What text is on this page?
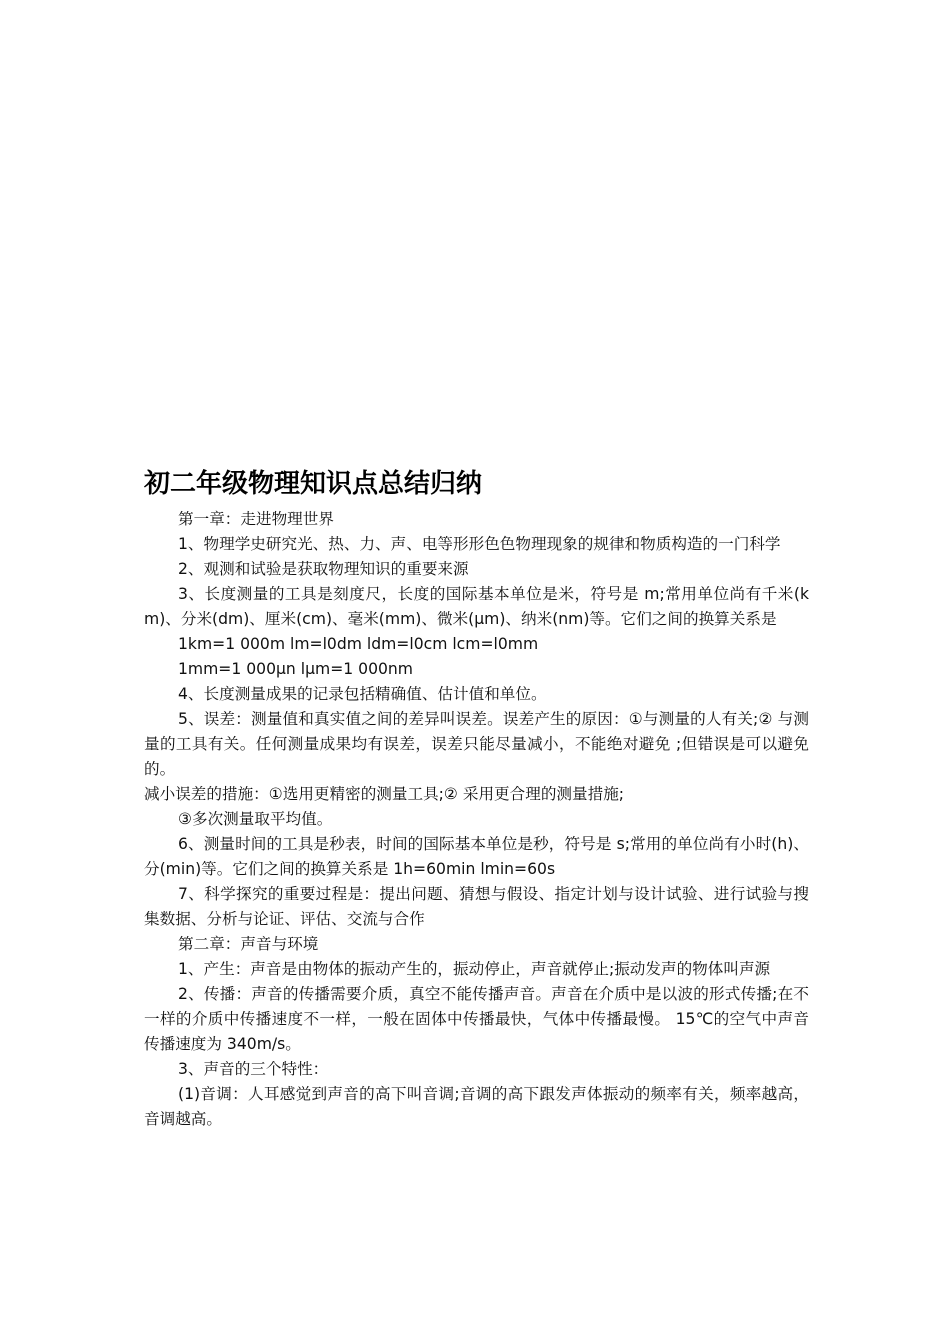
初二年级物理知识点总结归纳

第一章：走进物理世界

1、物理学史研究光、热、力、声、电等形形色色物理现象的规律和物质构造的一门科学

2、观测和试验是获取物理知识的重要来源

3、长度测量的工具是刻度尺，长度的国际基本单位是米，符号是 m;常用单位尚有千米(km)、分米(dm)、厘米(cm)、毫米(mm)、微米(μm)、纳米(nm)等。它们之间的换算关系是

1km=1 000m lm=l0dm ldm=l0cm lcm=l0mm

1mm=1 000μn lμm=1 000nm

4、长度测量成果的记录包括精确值、估计值和单位。

5、误差：测量值和真实值之间的差异叫误差。误差产生的原因：①与测量的人有关;② 与测量的工具有关。任何测量成果均有误差，误差只能尽量减小，不能绝对避免 ;但错误是可以避免的。

减小误差的措施：①选用更精密的测量工具;② 采用更合理的测量措施;

③多次测量取平均值。

6、测量时间的工具是秒表，时间的国际基本单位是秒，符号是 s;常用的单位尚有小时(h)、分(min)等。它们之间的换算关系是 1h=60min lmin=60s

7、科学探究的重要过程是：提出问题、猜想与假设、指定计划与设计试验、进行试验与搜集数据、分析与论证、评估、交流与合作

第二章：声音与环境

1、产生：声音是由物体的振动产生的，振动停止，声音就停止;振动发声的物体叫声源

2、传播：声音的传播需要介质，真空不能传播声音。声音在介质中是以波的形式传播;在不一样的介质中传播速度不一样，一般在固体中传播最快，气体中传播最慢。 15℃的空气中声音传播速度为 340m/s。

3、声音的三个特性：

(1)音调：人耳感觉到声音的高下叫音调;音调的高下跟发声体振动的频率有关，频率越高，音调越高。
